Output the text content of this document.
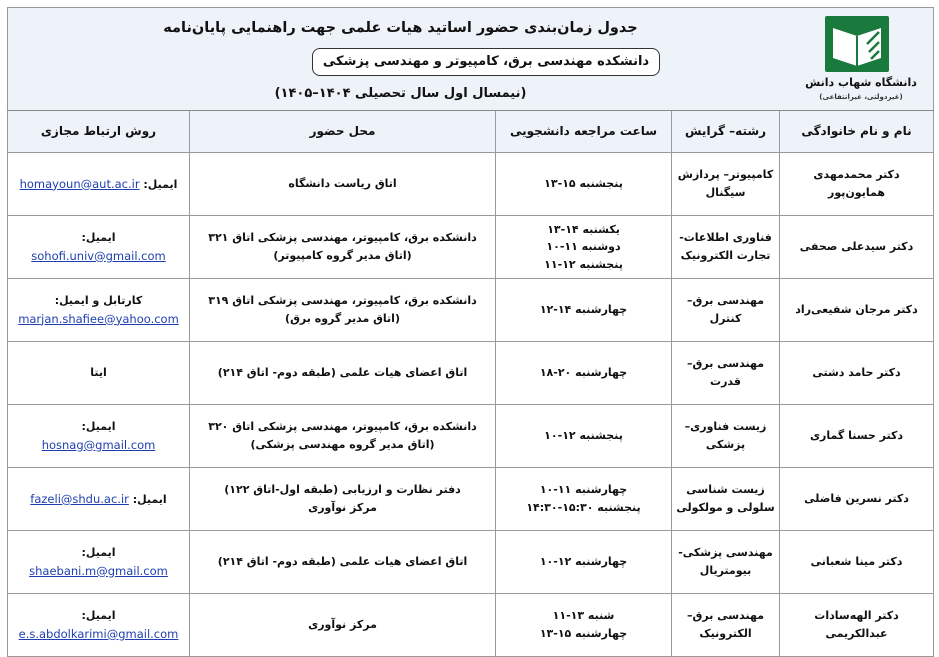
جدول زمان‌بندی حضور اساتید هیات علمی جهت راهنمایی پایان‌نامه
دانشکده مهندسی برق، کامپیوتر و مهندسی پزشکی
(نیمسال اول سال تحصیلی ۱۴۰۴–۱۴۰۵)
دانشگاه شهاب دانش
(غیردولتی، غیرانتفاعی)				

نام و نام خانوادگی	رشته– گرایش	ساعت مراجعه دانشجویی	محل حضور	روش ارتباط مجازی

دکتر محمدمهدی همایون‌پور	کامپیوتر– پردازش
سیگنال	پنجشنبه ۱۵-۱۳	اتاق ریاست دانشگاه	ایمیل: homayoun@aut.ac.ir

دکتر سیدعلی صحفی	فناوری اطلاعات-
تجارت الکترونیک	یکشنبه ۱۴-۱۳
دوشنبه ۱۱-۱۰
پنجشنبه ۱۲-۱۱	دانشکده برق، کامپیوتر، مهندسی پزشکی اتاق ۳۲۱
(اتاق مدیر گروه کامپیوتر)	ایمیل:
sohofi.univ@gmail.com

دکتر مرجان شفیعی‌راد	مهندسی برق–
کنترل	چهارشنبه ۱۴-۱۲	دانشکده برق، کامپیوتر، مهندسی پزشکی اتاق ۳۱۹
(اتاق مدیر گروه برق)	کارتابل و ایمیل:
marjan.shafiee@yahoo.com

دکتر حامد دشتی	مهندسی برق–
قدرت	چهارشنبه ۲۰-۱۸	اتاق اعضای هیات علمی (طبقه دوم- اتاق ۲۱۴)	ایتا

دکتر حسنا گماری	زیست فناوری–
پزشکی	پنجشنبه ۱۲-۱۰	دانشکده برق، کامپیوتر، مهندسی پزشکی اتاق ۳۲۰
(اتاق مدیر گروه مهندسی پزشکی)	ایمیل:
hosnag@gmail.com

دکتر نسرین فاضلی	زیست شناسی
سلولی و مولکولی	چهارشنبه ۱۱-۱۰
پنجشنبه ۱۵:۳۰-۱۴:۳۰	دفتر نظارت و ارزیابی (طبقه اول-اتاق ۱۲۲)
مرکز نوآوری	ایمیل: fazeli@shdu.ac.ir

دکتر مینا شعبانی	مهندسی پزشکی-
بیومتریال	چهارشنبه ۱۲-۱۰	اتاق اعضای هیات علمی (طبقه دوم- اتاق ۲۱۴)	ایمیل:
shaebani.m@gmail.com

دکتر الهه‌سادات عبدالکریمی	مهندسی برق–
الکترونیک	شنبه ۱۳-۱۱
چهارشنبه ۱۵-۱۳	مرکز نوآوری	ایمیل:
e.s.abdolkarimi@gmail.com
